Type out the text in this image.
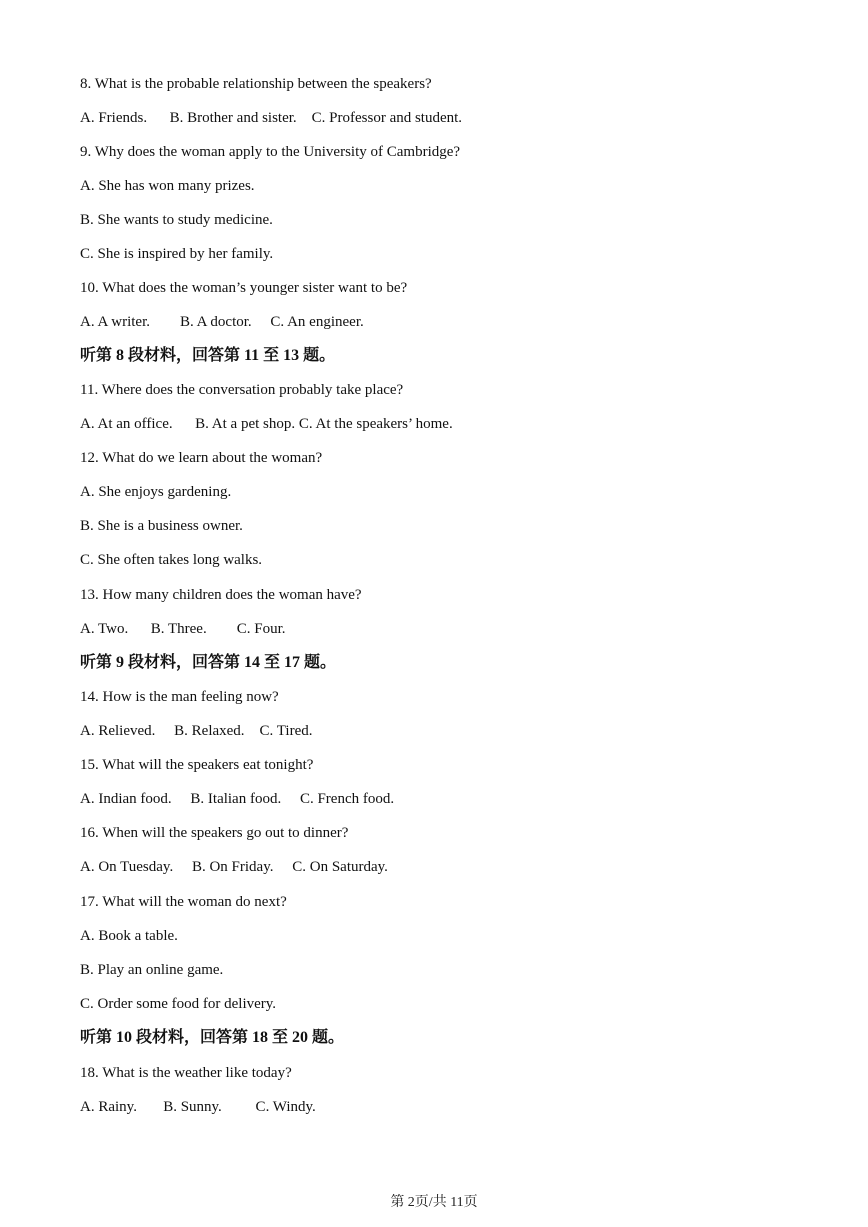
8. What is the probable relationship between the speakers?
A. Friends.      B. Brother and sister.    C. Professor and student.
9. Why does the woman apply to the University of Cambridge?
A. She has won many prizes.
B. She wants to study medicine.
C. She is inspired by her family.
10. What does the woman’s younger sister want to be?
A. A writer.        B. A doctor.     C. An engineer.
听第 8 段材料，回答第 11 至 13 题。
11. Where does the conversation probably take place?
A. At an office.      B. At a pet shop. C. At the speakers’ home.
12. What do we learn about the woman?
A. She enjoys gardening.
B. She is a business owner.
C. She often takes long walks.
13. How many children does the woman have?
A. Two.      B. Three.        C. Four.
听第 9 段材料，回答第 14 至 17 题。
14. How is the man feeling now?
A. Relieved.     B. Relaxed.    C. Tired.
15. What will the speakers eat tonight?
A. Indian food.     B. Italian food.     C. French food.
16. When will the speakers go out to dinner?
A. On Tuesday.     B. On Friday.     C. On Saturday.
17. What will the woman do next?
A. Book a table.
B. Play an online game.
C. Order some food for delivery.
听第 10 段材料，回答第 18 至 20 题。
18. What is the weather like today?
A. Rainy.       B. Sunny.         C. Windy.
第 2页/共 11页
